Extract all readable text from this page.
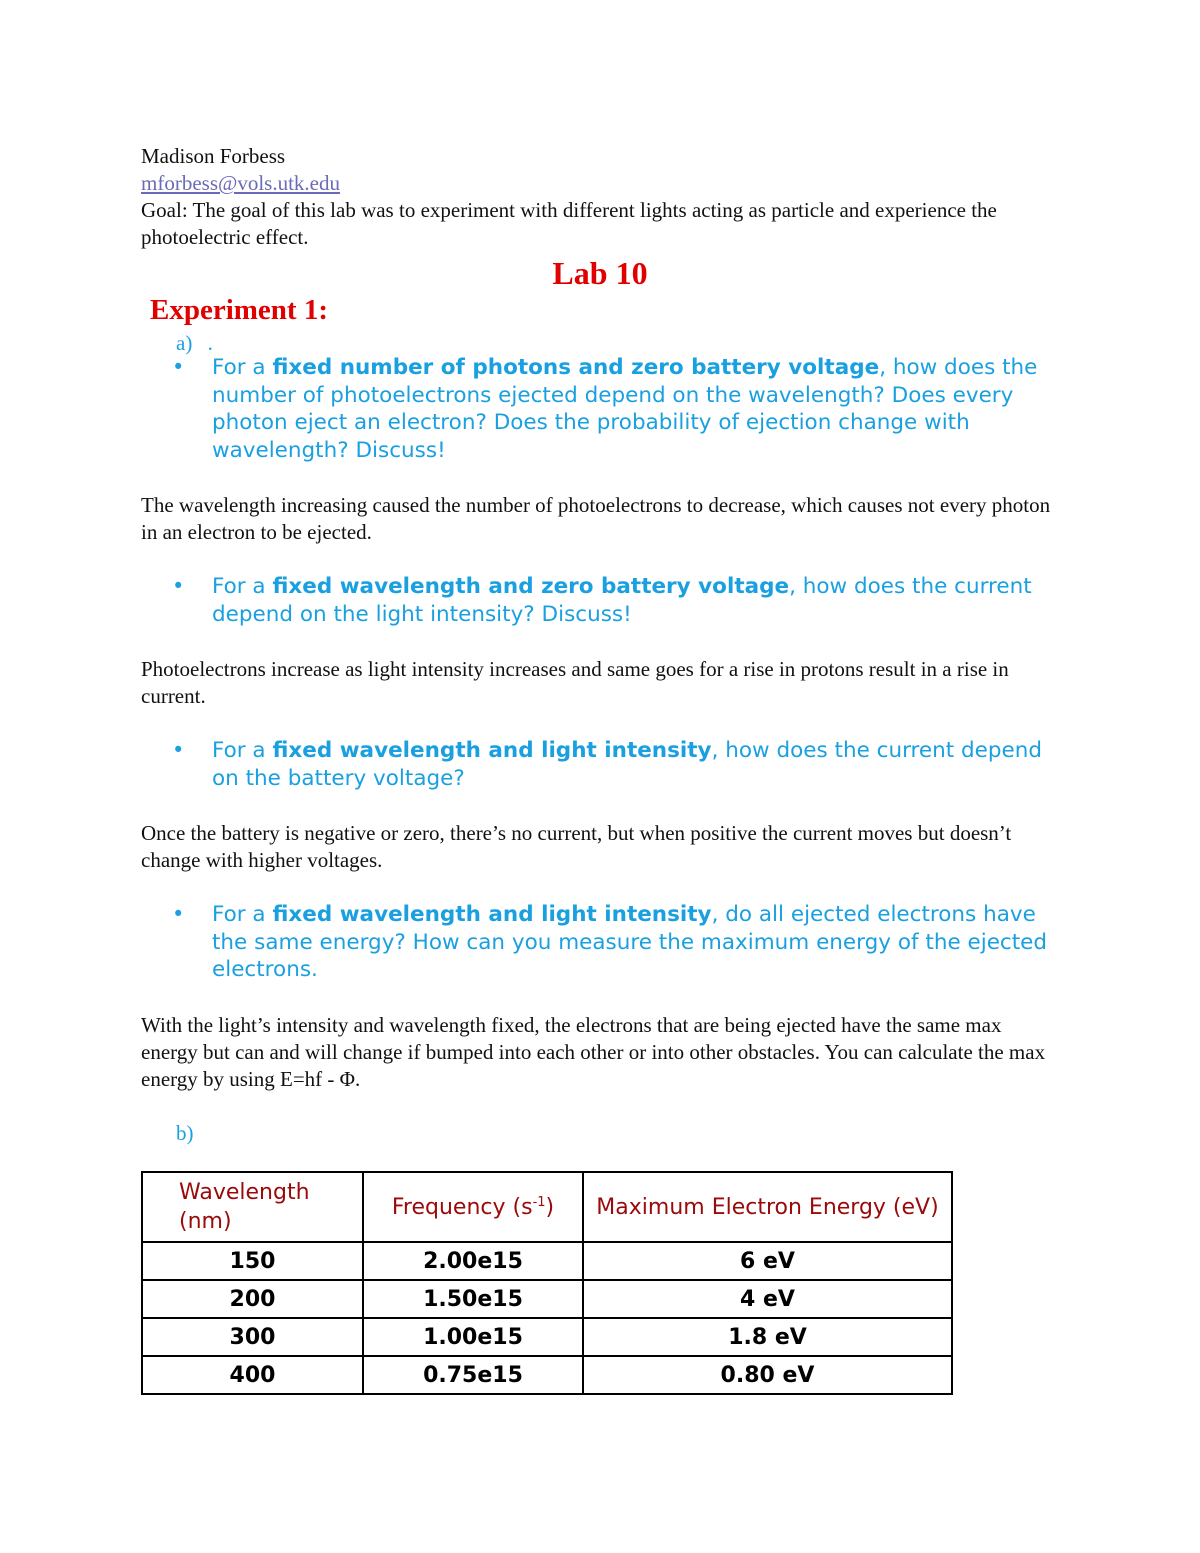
Madison Forbess
mforbess@vols.utk.edu
Goal: The goal of this lab was to experiment with different lights acting as particle and experience the photoelectric effect.
Lab 10
Experiment 1:
a) .
• For a fixed number of photons and zero battery voltage, how does the number of photoelectrons ejected depend on the wavelength? Does every photon eject an electron? Does the probability of ejection change with wavelength? Discuss!
The wavelength increasing caused the number of photoelectrons to decrease, which causes not every photon in an electron to be ejected.
• For a fixed wavelength and zero battery voltage, how does the current depend on the light intensity? Discuss!
Photoelectrons increase as light intensity increases and same goes for a rise in protons result in a rise in current.
• For a fixed wavelength and light intensity, how does the current depend on the battery voltage?
Once the battery is negative or zero, there’s no current, but when positive the current moves but doesn’t change with higher voltages.
• For a fixed wavelength and light intensity, do all ejected electrons have the same energy? How can you measure the maximum energy of the ejected electrons.
With the light’s intensity and wavelength fixed, the electrons that are being ejected have the same max energy but can and will change if bumped into each other or into other obstacles. You can calculate the max energy by using E=hf - Φ.
b)
Wavelength (nm)	Frequency $(s^{-1})$	Maximum Electron Energy (eV)
150	2.00e15	6 eV
200	1.50e15	4 eV
300	1.00e15	1.8 eV
400	0.75e15	0.80 eV
